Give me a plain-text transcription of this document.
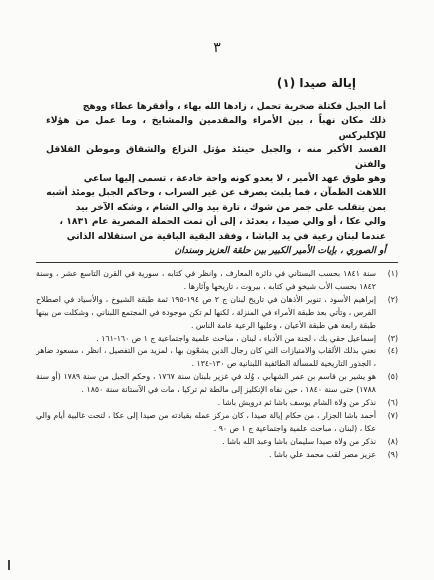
٣
إيالة صيدا (١)

أما الجبل فكتلة صخرية تحمل ، زادها الله بهاء ، وأفقرها عطاء ووهج

ذلك مكان نهباً ، بين الأمراء والمقدمين والمشايخ ، وما عمل من هؤلاء للإكليركس

الفسد الأكبر منه ، والجبل حينئذ مؤتل النزاع والشقاق وموطن القلاقل والفتن

وهو طوق عهد الأمير ، لا يعدو كونه واحة خادعة ، تسمى إليها ساعي

اللاهث الظمآن ، فما يلبث يصرف عن غير السراب ، وحاكم الجبل يومئذ أشبه

بمن يتقلب على جمر من شوك ، تارة بيد والي الشام ، وشكه الآخر بيد

والي عكا ، أو والي صيدا ، بعدئذ ، إلى أن تمت الحملة المصرية عام ١٨٣١ ،

عندما لبنان رعية في يد الباشا ، وفقد البقية الباقية من استقلاله الذاتي

أو الصوري ، بإيات الأمير الكبير بين حلقة العزيز وسندان

(١)
سنة ١٨٤١ بحسب البستاني في دائرة المعارف ، وانظر في كتابه ، سورية في القرن التاسع عشر ، وسنة ١٨٤٢ بحسب الأب شيخو في كتابه ، بيروت ، تاريخها وآثارها .
(٢)
إبراهيم الأسود ، تنوير الأذهان في تاريخ لبنان ج ٢ ص ١٩٤-١٩٥ ثمة طبقة الشيوخ ، والأسياد في اصطلاح الفرس ، وتأتي بعد طبقة الأمراء في المنزلة ، لكنها لم تكن موجودة في المجتمع اللبناني ، وشكلت من بينها طبقة رابعة هي طبقة الأعيان ، وعليها الرعية عامة الناس .
(٣)
إسماعيل حقي بك ، لجنة من الأدباء ، لبنان ، مباحث علمية واجتماعية ج ١ ص ١٦٠-١٦١ .
(٤)
نعني بذلك الألقاب والامتيازات التي كان رجال الدين يشعّون بها ، لمزيد من التفصيل ، انظر ، مسعود ضاهر ، الجذور التاريخية للمسألة الطائفية اللبنانية ص ١٣٠-١٣٤ .
(٥)
هو يشير بن قاسم بن عمر الشهابي ، وُلد في غزير بلبنان سنة ١٧٦٧ ، وحكم الجبل من سنة ١٧٨٩ (أو سنة ١٧٨٨) حتى سنة ١٨٤٠ ، حين نفاه الإنكليز إلى مالطة ثم تركيا ، مات في الآستانة سنة ١٨٥٠ .
(٦)
نذكر من ولاة الشام يوسف باشا ثم درويش باشا .
(٧)
أحمد باشا الجزار ، من حكام إيالة صيدا ، كان مركز عمله بقيادته من صيدا إلى عكا ، لتحت غالبية أيام والي عكا ، (لبنان ، مباحث علمية واجتماعية ج ١ ص ٩٠ .
(٨)
نذكر من ولاة صيدا سليمان باشا وعبد الله باشا .
(٩)
عزيز مصر لقب محمد علي باشا .
